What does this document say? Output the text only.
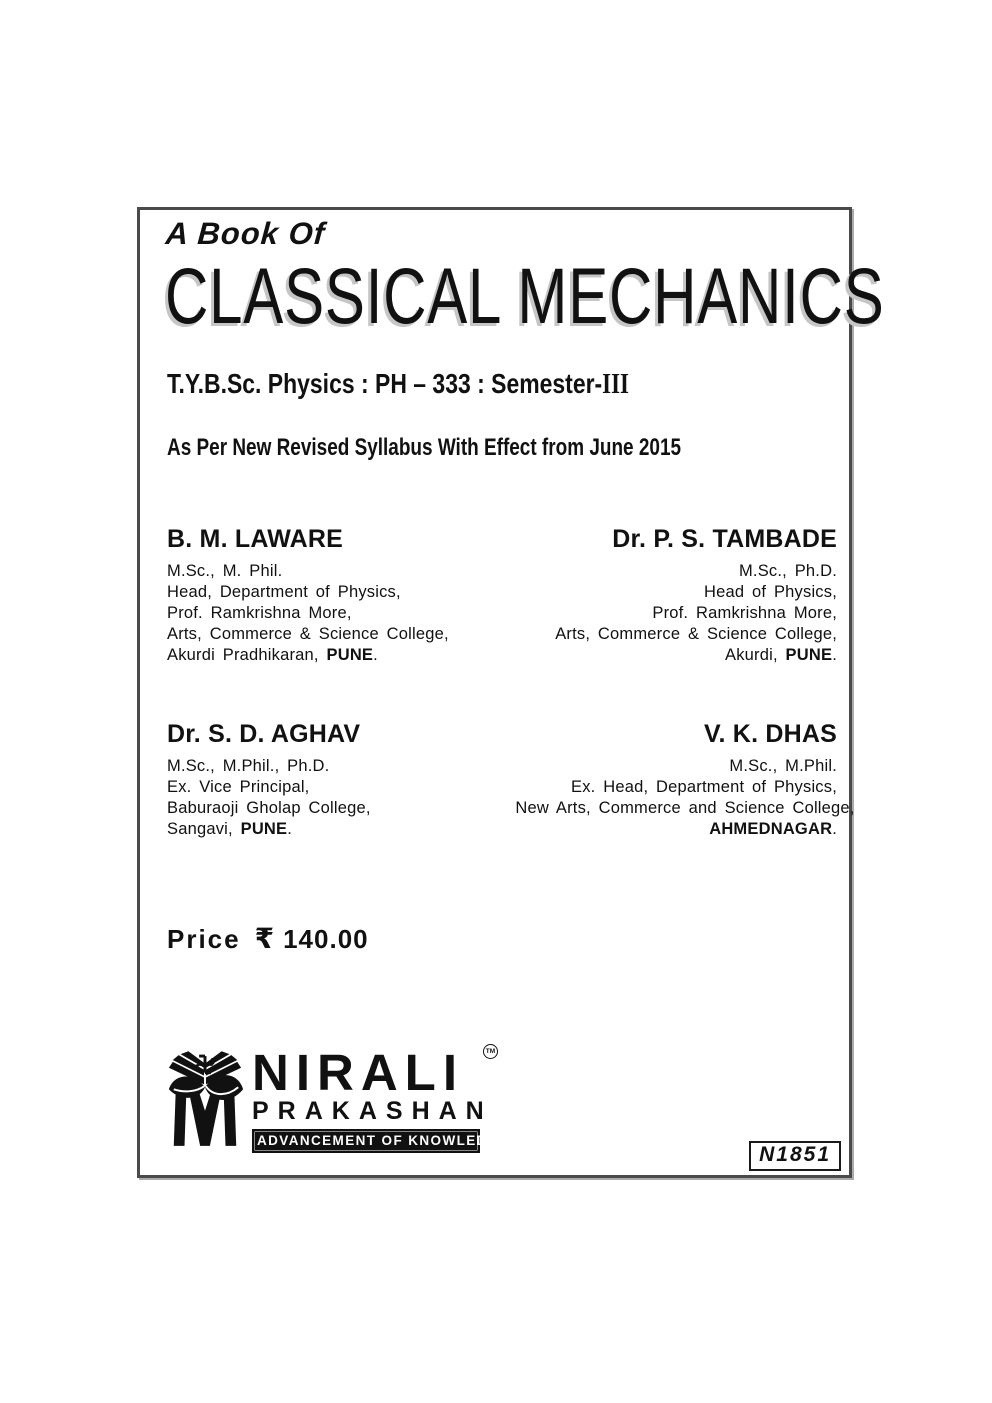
A Book Of
CLASSICAL MECHANICS
T.Y.B.Sc. Physics : PH – 333 : Semester-III
As Per New Revised Syllabus With Effect from June 2015
B. M. LAWARE
M.Sc., M. Phil.
Head, Department of Physics,
Prof. Ramkrishna More,
Arts, Commerce & Science College,
Akurdi Pradhikaran, PUNE.
Dr. P. S. TAMBADE
M.Sc., Ph.D.
Head of Physics,
Prof. Ramkrishna More,
Arts, Commerce & Science College,
Akurdi, PUNE.
Dr. S. D. AGHAV
M.Sc., M.Phil., Ph.D.
Ex. Vice Principal,
Baburaoji Gholap College,
Sangavi, PUNE.
V. K. DHAS
M.Sc., M.Phil.
Ex. Head, Department of Physics,
New Arts, Commerce and Science College,
AHMEDNAGAR.
Price ₹ 140.00
NIRALI	TM
PRAKASHAN
ADVANCEMENT OF KNOWLEDGE
N1851
